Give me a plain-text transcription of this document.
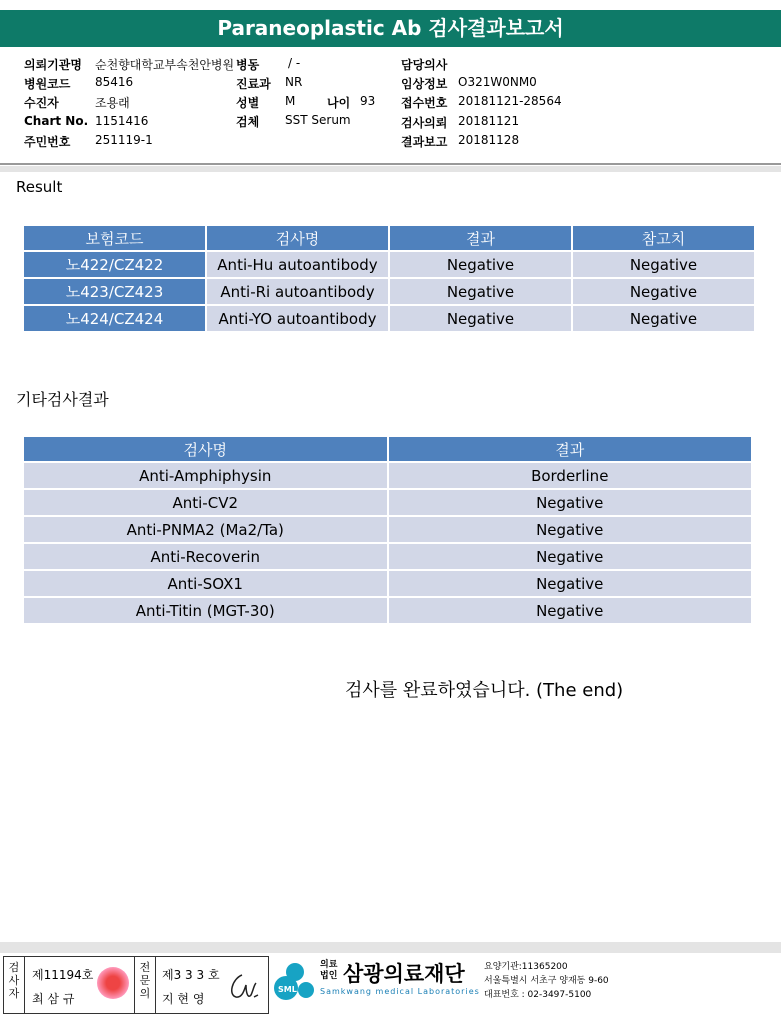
Paraneoplastic Ab 검사결과보고서
의뢰기관명 순천향대학교부속천안병원
병원코드 85416
수진자	조용래
Chart No. 1151416
주민번호 251119-1
병동 / -
진료과 NR
성별 M	나이 93
검체 SST Serum
담당의사
임상정보 O321W0NM0
접수번호 20181121-28564
검사의뢰 20181121
결과보고 20181128
Result
보험코드	검사명	결과	참고치
노422/CZ422	Anti-Hu autoantibody	Negative	Negative
노423/CZ423	Anti-Ri autoantibody	Negative	Negative
노424/CZ424	Anti-YO autoantibody	Negative	Negative
기타검사결과
검사명	결과
Anti-Amphiphysin	Borderline
Anti-CV2	Negative
Anti-PNMA2 (Ma2/Ta)	Negative
Anti-Recoverin	Negative
Anti-SOX1	Negative
Anti-Titin (MGT-30)	Negative
검사를 완료하였습니다. (The end)
검사자
제11194호
최 삼 규
전문의
제3 3 3 호
지 현 영
SML
의료
법인 삼광의료재단
Samkwang medical Laboratories
요양기관:11365200
서울특별시 서초구 양재동 9-60
대표번호 : 02-3497-5100
